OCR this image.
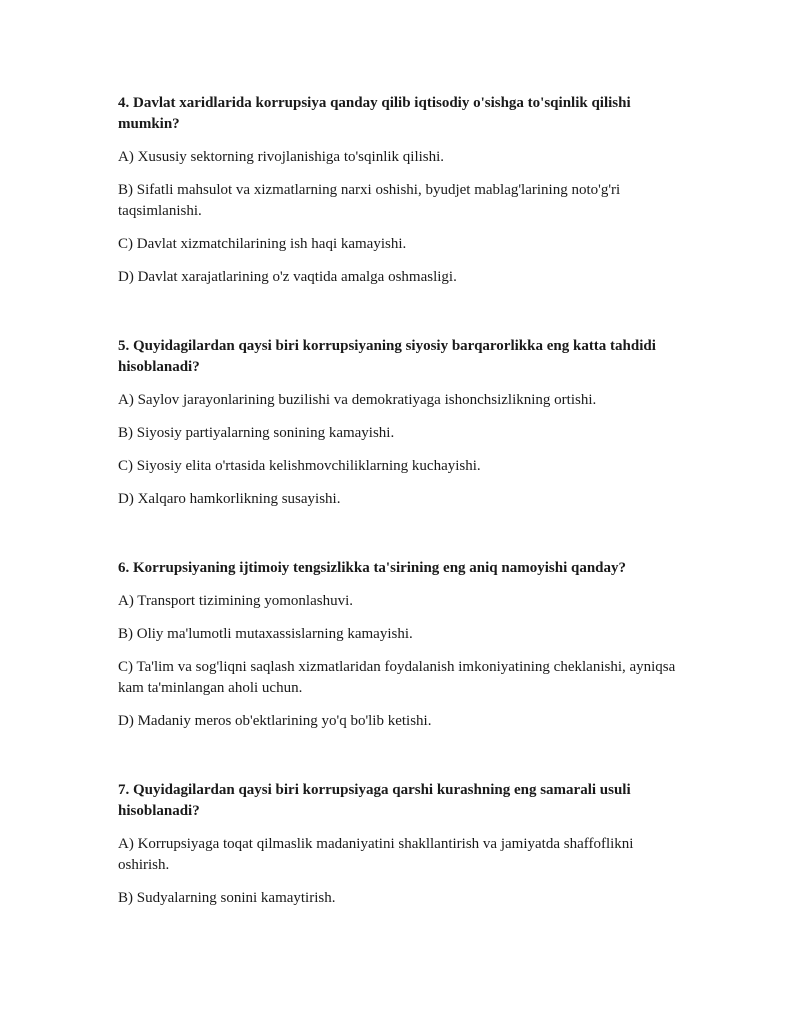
4. Davlat xaridlarida korrupsiya qanday qilib iqtisodiy o'sishga to'sqinlik qilishi mumkin?

A) Xususiy sektorning rivojlanishiga to'sqinlik qilishi.

B) Sifatli mahsulot va xizmatlarning narxi oshishi, byudjet mablag'larining noto'g'ri taqsimlanishi.

C) Davlat xizmatchilarining ish haqi kamayishi.

D) Davlat xarajatlarining o'z vaqtida amalga oshmasligi.

5. Quyidagilardan qaysi biri korrupsiyaning siyosiy barqarorlikka eng katta tahdidi hisoblanadi?

A) Saylov jarayonlarining buzilishi va demokratiyaga ishonchsizlikning ortishi.

B) Siyosiy partiyalarning sonining kamayishi.

C) Siyosiy elita o'rtasida kelishmovchiliklarning kuchayishi.

D) Xalqaro hamkorlikning susayishi.

6. Korrupsiyaning ijtimoiy tengsizlikka ta'sirining eng aniq namoyishi qanday?

A) Transport tizimining yomonlashuvi.

B) Oliy ma'lumotli mutaxassislarning kamayishi.

C) Ta'lim va sog'liqni saqlash xizmatlaridan foydalanish imkoniyatining cheklanishi, ayniqsa kam ta'minlangan aholi uchun.

D) Madaniy meros ob'ektlarining yo'q bo'lib ketishi.

7. Quyidagilardan qaysi biri korrupsiyaga qarshi kurashning eng samarali usuli hisoblanadi?

A) Korrupsiyaga toqat qilmaslik madaniyatini shakllantirish va jamiyatda shaffoflikni oshirish.

B) Sudyalarning sonini kamaytirish.
